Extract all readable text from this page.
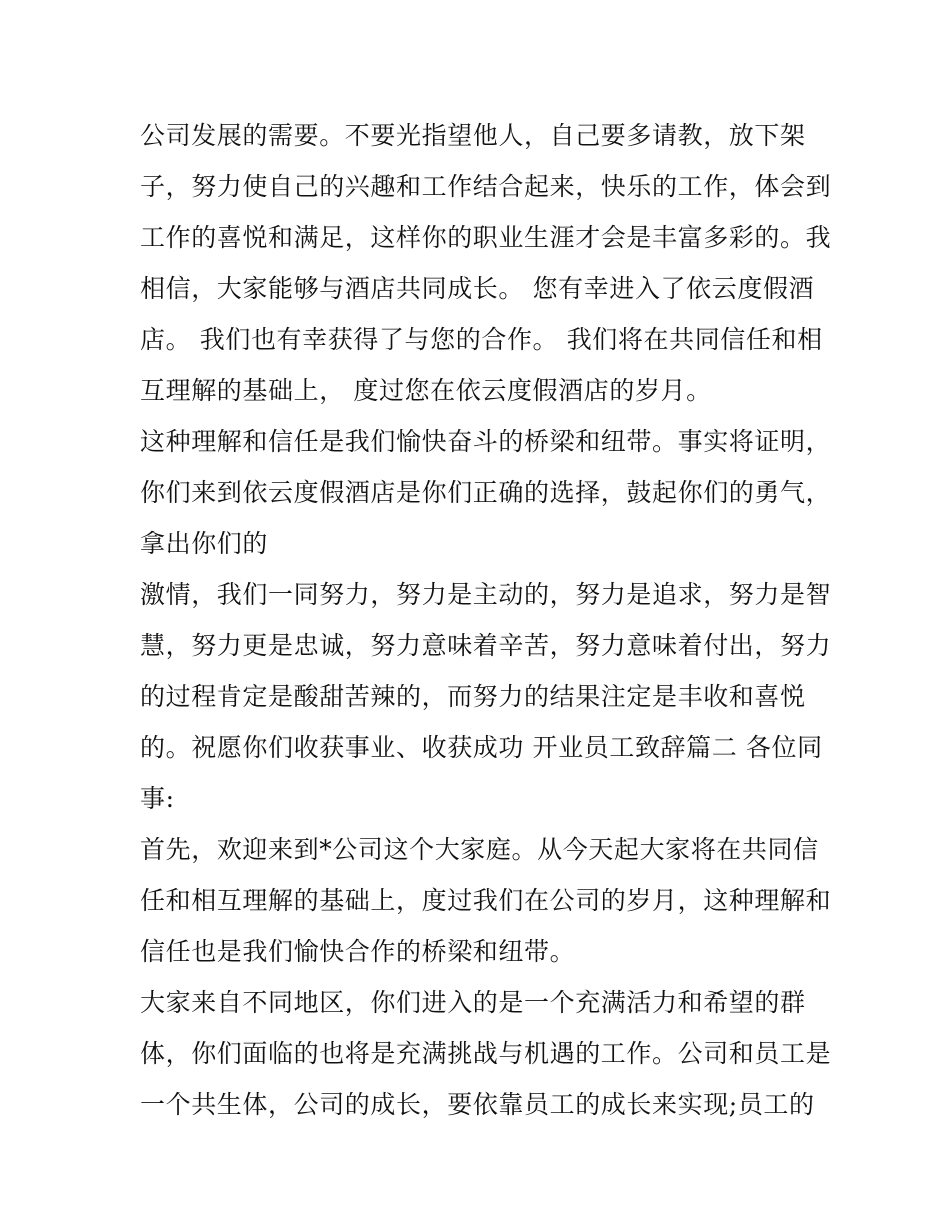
公司发展的需要。不要光指望他人，自己要多请教，放下架
子，努力使自己的兴趣和工作结合起来，快乐的工作，体会到
工作的喜悦和满足，这样你的职业生涯才会是丰富多彩的。我
相信，大家能够与酒店共同成长。 您有幸进入了依云度假酒
店。 我们也有幸获得了与您的合作。 我们将在共同信任和相
互理解的基础上， 度过您在依云度假酒店的岁月。
这种理解和信任是我们愉快奋斗的桥梁和纽带。事实将证明，
你们来到依云度假酒店是你们正确的选择，鼓起你们的勇气，
拿出你们的
激情，我们一同努力，努力是主动的，努力是追求，努力是智
慧，努力更是忠诚，努力意味着辛苦，努力意味着付出，努力
的过程肯定是酸甜苦辣的，而努力的结果注定是丰收和喜悦
的。祝愿你们收获事业、收获成功 开业员工致辞篇二 各位同
事:
首先，欢迎来到*公司这个大家庭。从今天起大家将在共同信
任和相互理解的基础上，度过我们在公司的岁月，这种理解和
信任也是我们愉快合作的桥梁和纽带。
大家来自不同地区，你们进入的是一个充满活力和希望的群
体，你们面临的也将是充满挑战与机遇的工作。公司和员工是
一个共生体，公司的成长，要依靠员工的成长来实现;员工的
